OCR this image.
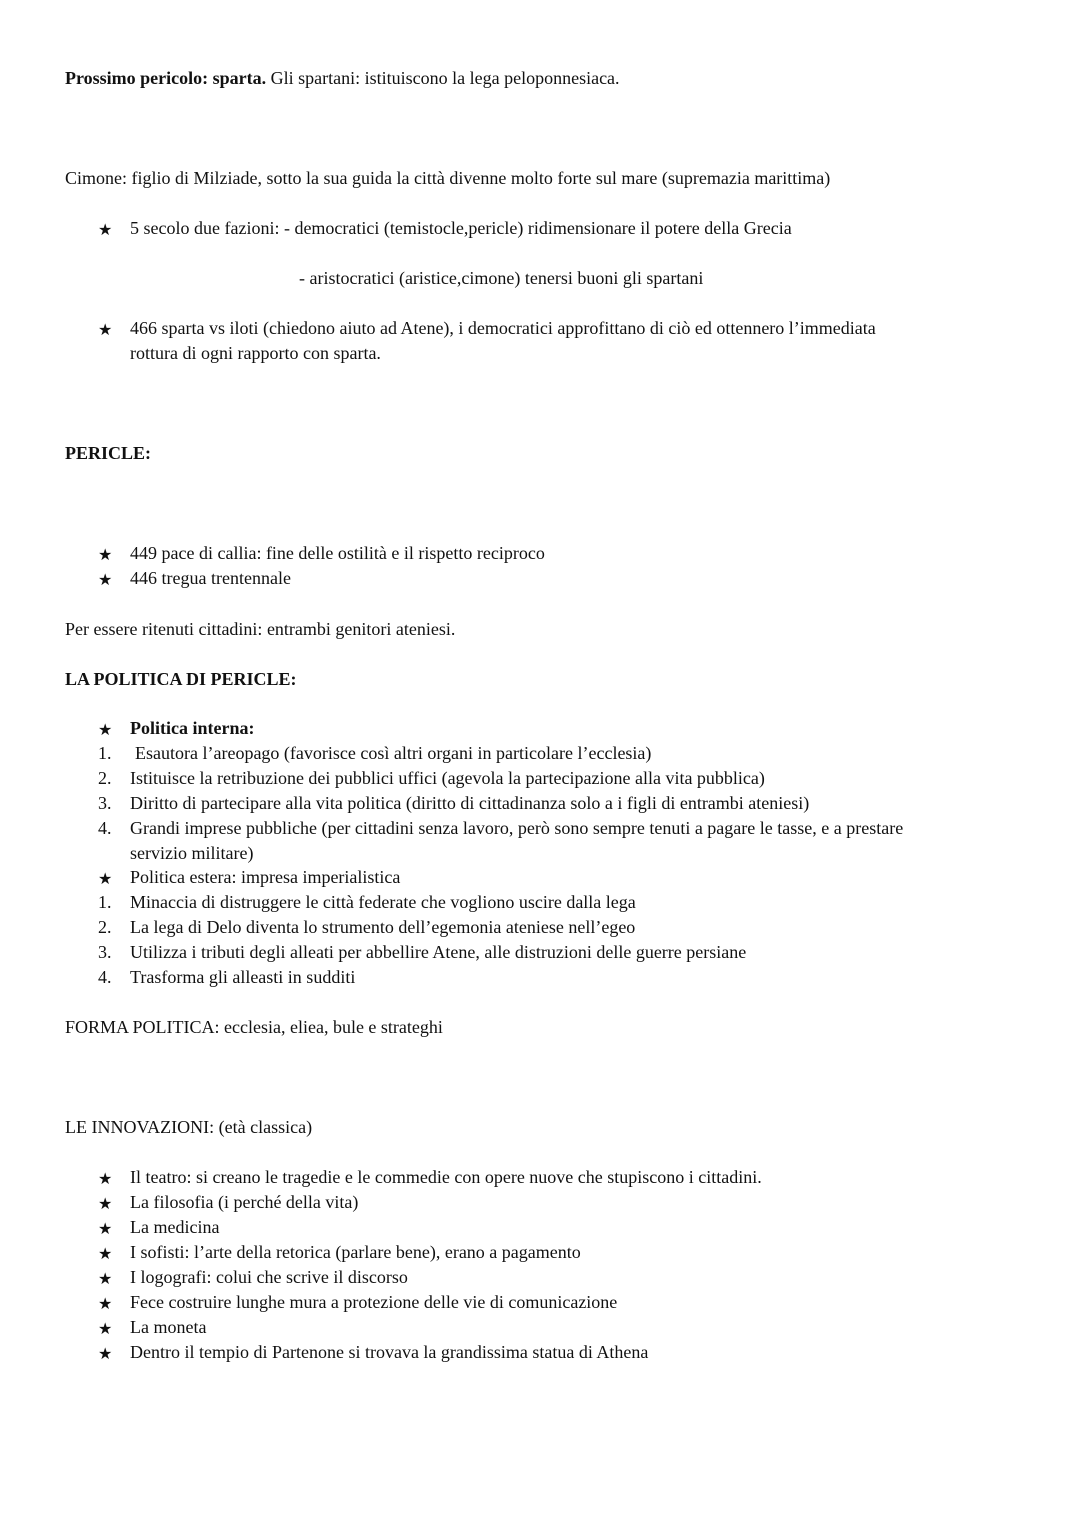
Prossimo pericolo: sparta. Gli spartani: istituiscono la lega peloponnesiaca.
Cimone: figlio di Milziade, sotto la sua guida la città divenne molto forte sul mare (supremazia marittima)
★ 5 secolo due fazioni: - democratici (temistocle,pericle) ridimensionare il potere della Grecia
- aristocratici (aristice,cimone) tenersi buoni gli spartani
★ 466 sparta vs iloti (chiedono aiuto ad Atene), i democratici approfittano di ciò ed ottennero l’immediata
rottura di ogni rapporto con sparta.
PERICLE:
★ 449 pace di callia: fine delle ostilità e il rispetto reciproco
★ 446 tregua trentennale
Per essere ritenuti cittadini: entrambi genitori ateniesi.
LA POLITICA DI PERICLE:
★ Politica interna:
1. Esautora l’areopago (favorisce così altri organi in particolare l’ecclesia)
2. Istituisce la retribuzione dei pubblici uffici (agevola la partecipazione alla vita pubblica)
3. Diritto di partecipare alla vita politica (diritto di cittadinanza solo a i figli di entrambi ateniesi)
4. Grandi imprese pubbliche (per cittadini senza lavoro, però sono sempre tenuti a pagare le tasse, e a prestare
servizio militare)
★ Politica estera: impresa imperialistica
1. Minaccia di distruggere le città federate che vogliono uscire dalla lega
2. La lega di Delo diventa lo strumento dell’egemonia ateniese nell’egeo
3. Utilizza i tributi degli alleati per abbellire Atene, alle distruzioni delle guerre persiane
4. Trasforma gli alleasti in sudditi
FORMA POLITICA: ecclesia, eliea, bule e strateghi
LE INNOVAZIONI: (età classica)
★ Il teatro: si creano le tragedie e le commedie con opere nuove che stupiscono i cittadini.
★ La filosofia (i perché della vita)
★ La medicina
★ I sofisti: l’arte della retorica (parlare bene), erano a pagamento
★ I logografi: colui che scrive il discorso
★ Fece costruire lunghe mura a protezione delle vie di comunicazione
★ La moneta
★ Dentro il tempio di Partenone si trovava la grandissima statua di Athena
